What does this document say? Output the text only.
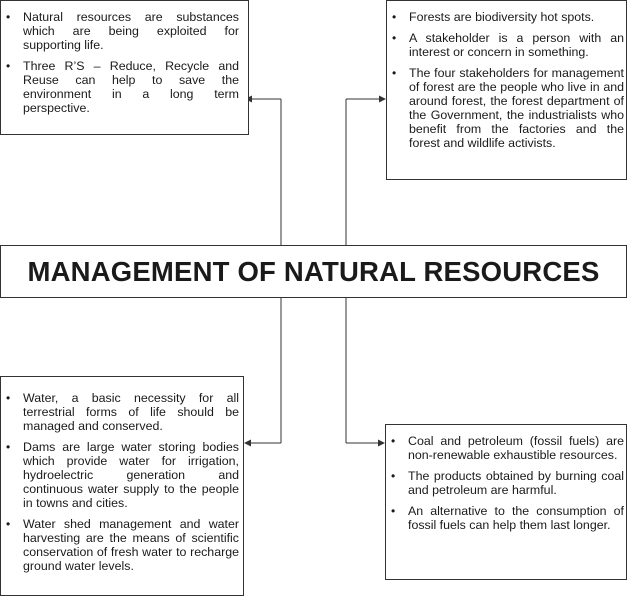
• Natural resources are substances which are being exploited for supporting life.
• Three R’S – Reduce, Recycle and Reuse can help to save the environment in a long term perspective.
• Forests are biodiversity hot spots.
• A stakeholder is a person with an interest or concern in something.
• The four stakeholders for management of forest are the people who live in and around forest, the forest department of the Government, the industrialists who benefit from the factories and the forest and wildlife activists.
MANAGEMENT OF NATURAL RESOURCES
• Water, a basic necessity for all terrestrial forms of life should be managed and conserved.
• Dams are large water storing bodies which provide water for irrigation, hydroelectric generation and continuous water supply to the people in towns and cities.
• Water shed management and water harvesting are the means of scientific conservation of fresh water to recharge ground water levels.
• Coal and petroleum (fossil fuels) are non-renewable exhaustible resources.
• The products obtained by burning coal and petroleum are harmful.
• An alternative to the consumption of fossil fuels can help them last longer.
